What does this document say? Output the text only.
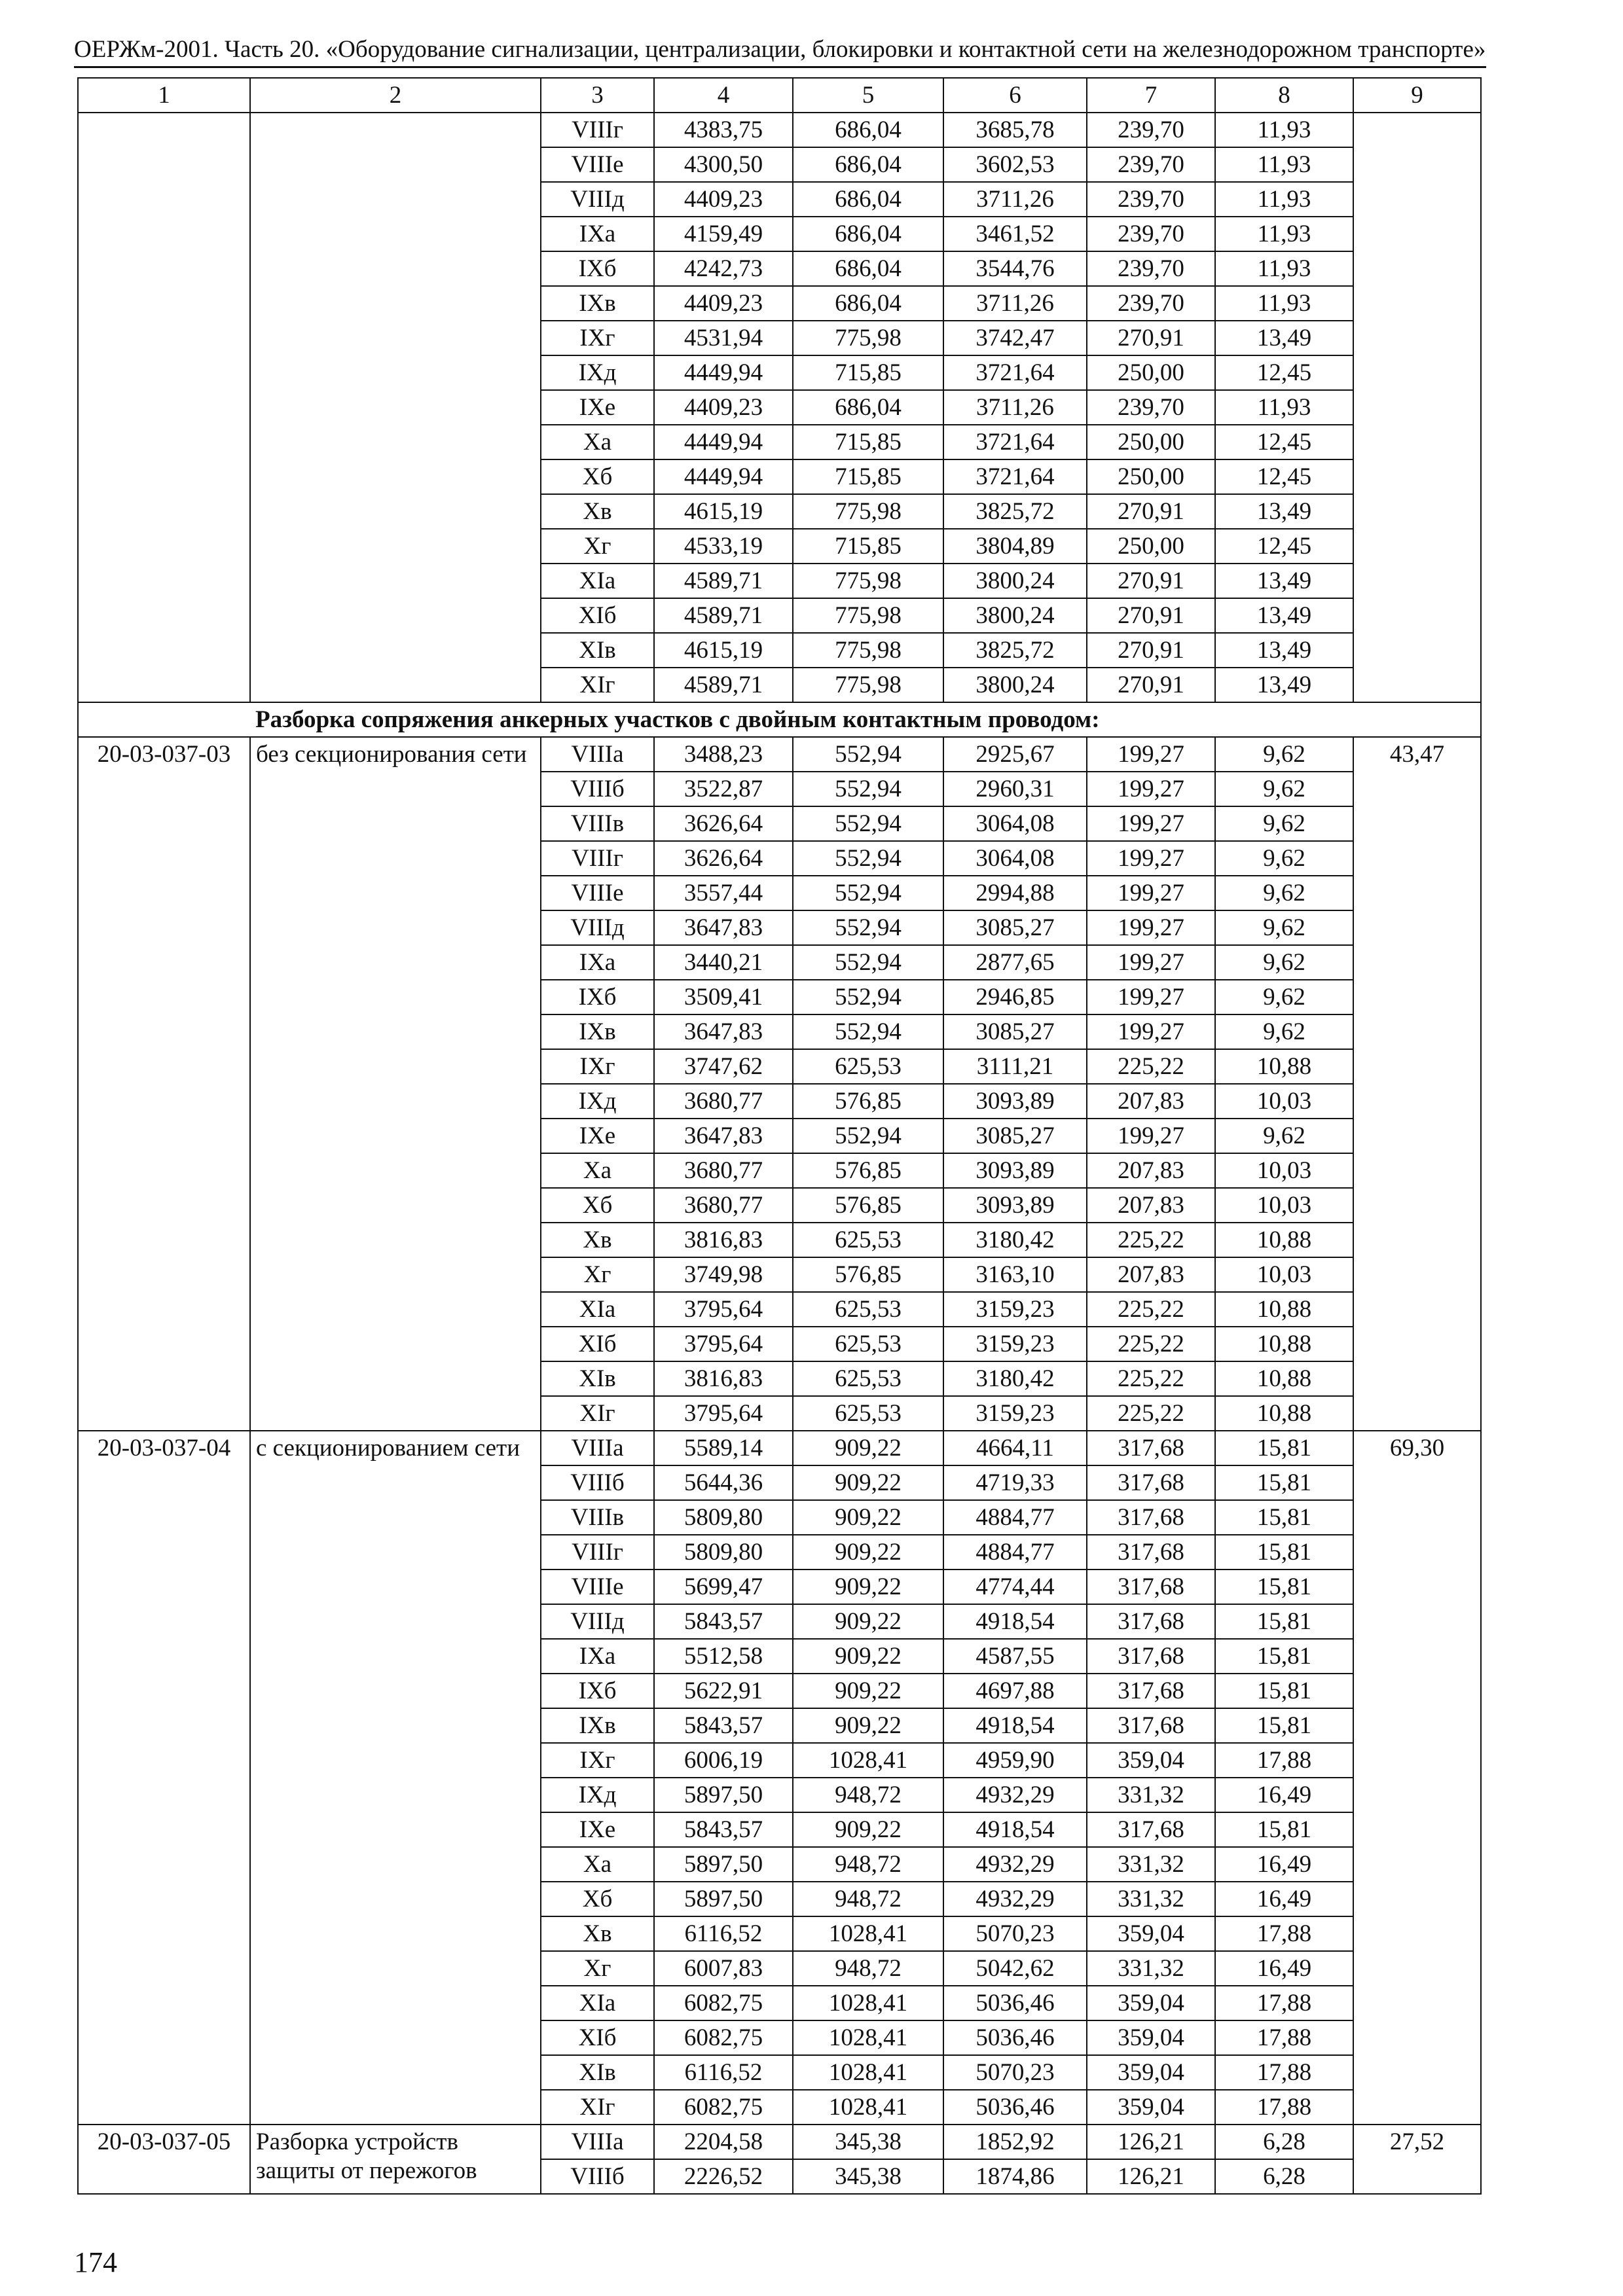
ОЕРЖм-2001. Часть 20. «Оборудование сигнализации, централизации, блокировки и контактной сети на железнодорожном транспорте»
1	2	3	4	5	6	7	8	9
		VIIIг	4383,75	686,04	3685,78	239,70	11,93	
		VIIIе	4300,50	686,04	3602,53	239,70	11,93	
		VIIIд	4409,23	686,04	3711,26	239,70	11,93	
		IXа	4159,49	686,04	3461,52	239,70	11,93	
		IXб	4242,73	686,04	3544,76	239,70	11,93	
		IXв	4409,23	686,04	3711,26	239,70	11,93	
		IXг	4531,94	775,98	3742,47	270,91	13,49	
		IXд	4449,94	715,85	3721,64	250,00	12,45	
		IXе	4409,23	686,04	3711,26	239,70	11,93	
		Xа	4449,94	715,85	3721,64	250,00	12,45	
		Xб	4449,94	715,85	3721,64	250,00	12,45	
		Xв	4615,19	775,98	3825,72	270,91	13,49	
		Xг	4533,19	715,85	3804,89	250,00	12,45	
		XIа	4589,71	775,98	3800,24	270,91	13,49	
		XIб	4589,71	775,98	3800,24	270,91	13,49	
		XIв	4615,19	775,98	3825,72	270,91	13,49	
		XIг	4589,71	775,98	3800,24	270,91	13,49	
Разборка сопряжения анкерных участков с двойным контактным проводом:								
20-03-037-03	без секционирования сети	VIIIа	3488,23	552,94	2925,67	199,27	9,62	43,47
		VIIIб	3522,87	552,94	2960,31	199,27	9,62	
		VIIIв	3626,64	552,94	3064,08	199,27	9,62	
		VIIIг	3626,64	552,94	3064,08	199,27	9,62	
		VIIIе	3557,44	552,94	2994,88	199,27	9,62	
		VIIIд	3647,83	552,94	3085,27	199,27	9,62	
		IXа	3440,21	552,94	2877,65	199,27	9,62	
		IXб	3509,41	552,94	2946,85	199,27	9,62	
		IXв	3647,83	552,94	3085,27	199,27	9,62	
		IXг	3747,62	625,53	3111,21	225,22	10,88	
		IXд	3680,77	576,85	3093,89	207,83	10,03	
		IXе	3647,83	552,94	3085,27	199,27	9,62	
		Xа	3680,77	576,85	3093,89	207,83	10,03	
		Xб	3680,77	576,85	3093,89	207,83	10,03	
		Xв	3816,83	625,53	3180,42	225,22	10,88	
		Xг	3749,98	576,85	3163,10	207,83	10,03	
		XIа	3795,64	625,53	3159,23	225,22	10,88	
		XIб	3795,64	625,53	3159,23	225,22	10,88	
		XIв	3816,83	625,53	3180,42	225,22	10,88	
		XIг	3795,64	625,53	3159,23	225,22	10,88	
20-03-037-04	с секционированием сети	VIIIа	5589,14	909,22	4664,11	317,68	15,81	69,30
		VIIIб	5644,36	909,22	4719,33	317,68	15,81	
		VIIIв	5809,80	909,22	4884,77	317,68	15,81	
		VIIIг	5809,80	909,22	4884,77	317,68	15,81	
		VIIIе	5699,47	909,22	4774,44	317,68	15,81	
		VIIIд	5843,57	909,22	4918,54	317,68	15,81	
		IXа	5512,58	909,22	4587,55	317,68	15,81	
		IXб	5622,91	909,22	4697,88	317,68	15,81	
		IXв	5843,57	909,22	4918,54	317,68	15,81	
		IXг	6006,19	1028,41	4959,90	359,04	17,88	
		IXд	5897,50	948,72	4932,29	331,32	16,49	
		IXе	5843,57	909,22	4918,54	317,68	15,81	
		Xа	5897,50	948,72	4932,29	331,32	16,49	
		Xб	5897,50	948,72	4932,29	331,32	16,49	
		Xв	6116,52	1028,41	5070,23	359,04	17,88	
		Xг	6007,83	948,72	5042,62	331,32	16,49	
		XIа	6082,75	1028,41	5036,46	359,04	17,88	
		XIб	6082,75	1028,41	5036,46	359,04	17,88	
		XIв	6116,52	1028,41	5070,23	359,04	17,88	
		XIг	6082,75	1028,41	5036,46	359,04	17,88	
20-03-037-05	Разборка устройств защиты от пережогов	VIIIа	2204,58	345,38	1852,92	126,21	6,28	27,52
		VIIIб	2226,52	345,38	1874,86	126,21	6,28	
174
